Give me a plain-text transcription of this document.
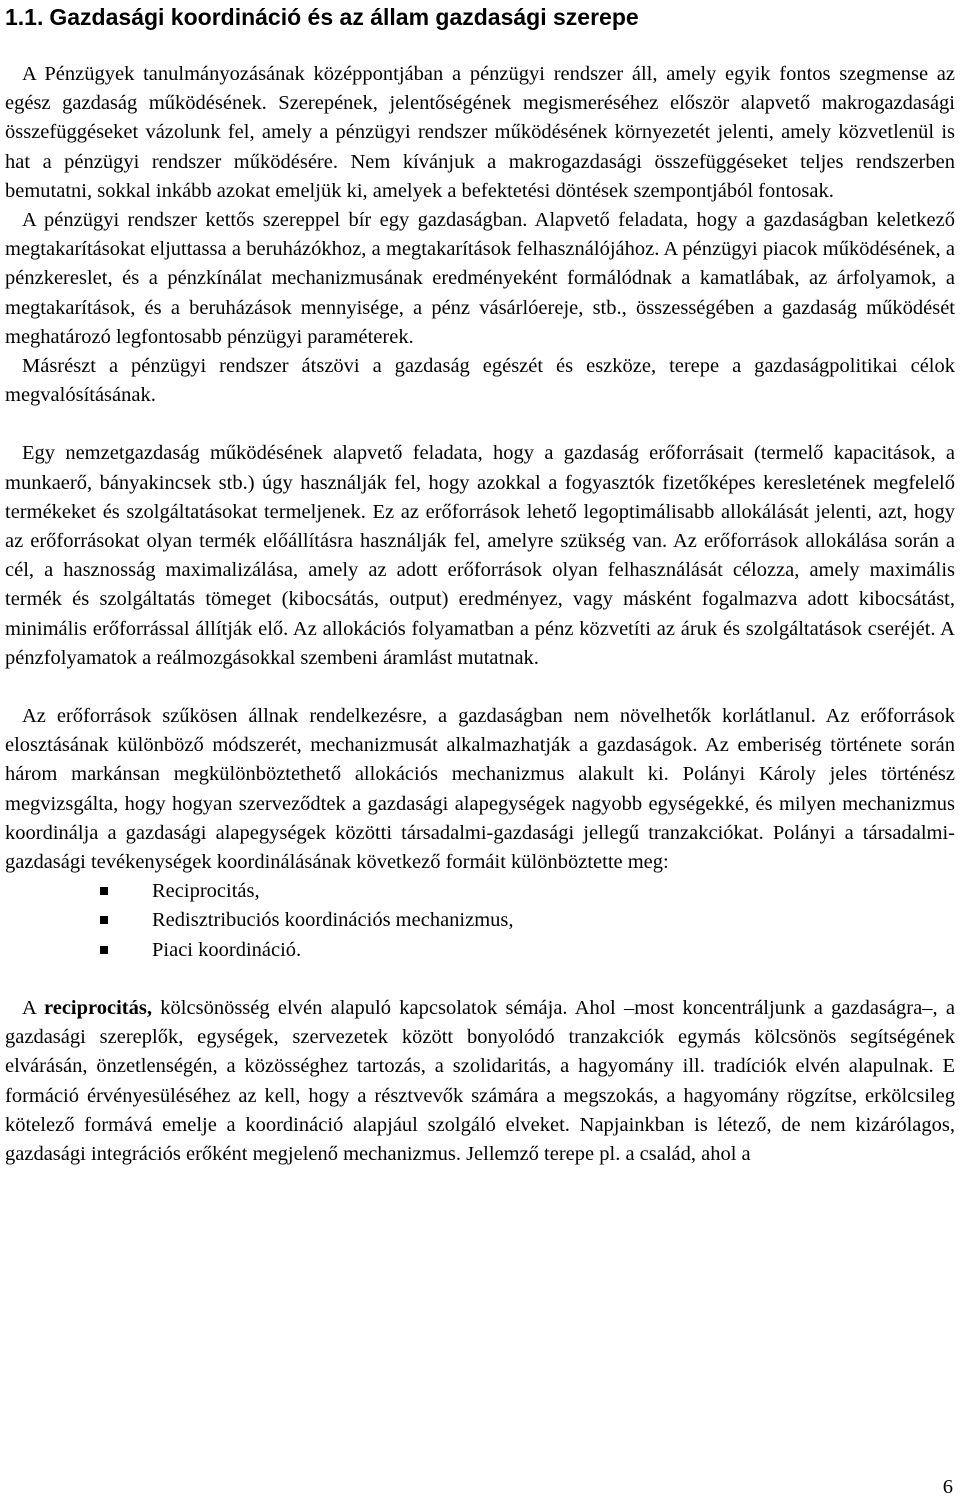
1.1. Gazdasági koordináció és az állam gazdasági szerepe

A Pénzügyek tanulmányozásának középpontjában a pénzügyi rendszer áll, amely egyik fontos szegmense az egész gazdaság működésének. Szerepének, jelentőségének megismeréséhez először alapvető makrogazdasági összefüggéseket vázolunk fel, amely a pénzügyi rendszer működésének környezetét jelenti, amely közvetlenül is hat a pénzügyi rendszer működésére. Nem kívánjuk a makrogazdasági összefüggéseket teljes rendszerben bemutatni, sokkal inkább azokat emeljük ki, amelyek a befektetési döntések szempontjából fontosak.

A pénzügyi rendszer kettős szereppel bír egy gazdaságban. Alapvető feladata, hogy a gazdaságban keletkező megtakarításokat eljuttassa a beruházókhoz, a megtakarítások felhasználójához. A pénzügyi piacok működésének, a pénzkereslet, és a pénzkínálat mechanizmusának eredményeként formálódnak a kamatlábak, az árfolyamok, a megtakarítások, és a beruházások mennyisége, a pénz vásárlóereje, stb., összességében a gazdaság működését meghatározó legfontosabb pénzügyi paraméterek.

Másrészt a pénzügyi rendszer átszövi a gazdaság egészét és eszköze, terepe a gazdaságpolitikai célok megvalósításának.

Egy nemzetgazdaság működésének alapvető feladata, hogy a gazdaság erőforrásait (termelő kapacitások, a munkaerő, bányakincsek stb.) úgy használják fel, hogy azokkal a fogyasztók fizetőképes keresletének megfelelő termékeket és szolgáltatásokat termeljenek. Ez az erőforrások lehető legoptimálisabb allokálását jelenti, azt, hogy az erőforrásokat olyan termék előállításra használják fel, amelyre szükség van. Az erőforrások allokálása során a cél, a hasznosság maximalizálása, amely az adott erőforrások olyan felhasználását célozza, amely maximális termék és szolgáltatás tömeget (kibocsátás, output) eredményez, vagy másként fogalmazva adott kibocsátást, minimális erőforrással állítják elő. Az allokációs folyamatban a pénz közvetíti az áruk és szolgáltatások cseréjét. A pénzfolyamatok a reálmozgásokkal szembeni áramlást mutatnak.

Az erőforrások szűkösen állnak rendelkezésre, a gazdaságban nem növelhetők korlátlanul. Az erőforrások elosztásának különböző módszerét, mechanizmusát alkalmazhatják a gazdaságok. Az emberiség története során három markánsan megkülönböztethető allokációs mechanizmus alakult ki. Polányi Károly jeles történész megvizsgálta, hogy hogyan szerveződtek a gazdasági alapegységek nagyobb egységekké, és milyen mechanizmus koordinálja a gazdasági alapegységek közötti társadalmi-gazdasági jellegű tranzakciókat. Polányi a társadalmi-gazdasági tevékenységek koordinálásának következő formáit különböztette meg:

Reciprocitás,
Redisztribuciós koordinációs mechanizmus,
Piaci koordináció.

A reciprocitás, kölcsönösség elvén alapuló kapcsolatok sémája. Ahol –most koncentráljunk a gazdaságra–, a gazdasági szereplők, egységek, szervezetek között bonyolódó tranzakciók egymás kölcsönös segítségének elvárásán, önzetlenségén, a közösséghez tartozás, a szolidaritás, a hagyomány ill. tradíciók elvén alapulnak. E formáció érvényesüléséhez az kell, hogy a résztvevők számára a megszokás, a hagyomány rögzítse, erkölcsileg kötelező formává emelje a koordináció alapjául szolgáló elveket. Napjainkban is létező, de nem kizárólagos, gazdasági integrációs erőként megjelenő mechanizmus. Jellemző terepe pl. a család, ahol a

6
